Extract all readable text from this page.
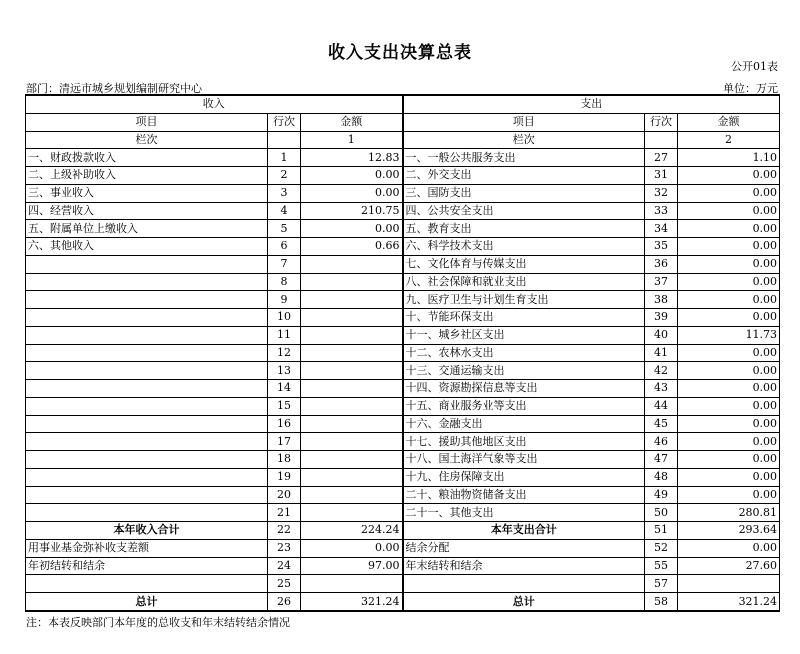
收入支出决算总表
公开01表
部门：清远市城乡规划编制研究中心	单位：万元
收入			支出		
项目	行次	金额	项目	行次	金额
栏次		1	栏次		2
一、财政拨款收入	1	12.83	一、一般公共服务支出	27	1.10
二、上级补助收入	2	0.00	二、外交支出	31	0.00
三、事业收入	3	0.00	三、国防支出	32	0.00
四、经营收入	4	210.75	四、公共安全支出	33	0.00
五、附属单位上缴收入	5	0.00	五、教育支出	34	0.00
六、其他收入	6	0.66	六、科学技术支出	35	0.00
	7		七、文化体育与传媒支出	36	0.00
	8		八、社会保障和就业支出	37	0.00
	9		九、医疗卫生与计划生育支出	38	0.00
	10		十、节能环保支出	39	0.00
	11		十一、城乡社区支出	40	11.73
	12		十二、农林水支出	41	0.00
	13		十三、交通运输支出	42	0.00
	14		十四、资源勘探信息等支出	43	0.00
	15		十五、商业服务业等支出	44	0.00
	16		十六、金融支出	45	0.00
	17		十七、援助其他地区支出	46	0.00
	18		十八、国土海洋气象等支出	47	0.00
	19		十九、住房保障支出	48	0.00
	20		二十、粮油物资储备支出	49	0.00
	21		二十一、其他支出	50	280.81
本年收入合计	22	224.24	本年支出合计	51	293.64
用事业基金弥补收支差额	23	0.00	结余分配	52	0.00
年初结转和结余	24	97.00	年末结转和结余	55	27.60
	25			57	
总计	26	321.24	总计	58	321.24
注：本表反映部门本年度的总收支和年末结转结余情况
